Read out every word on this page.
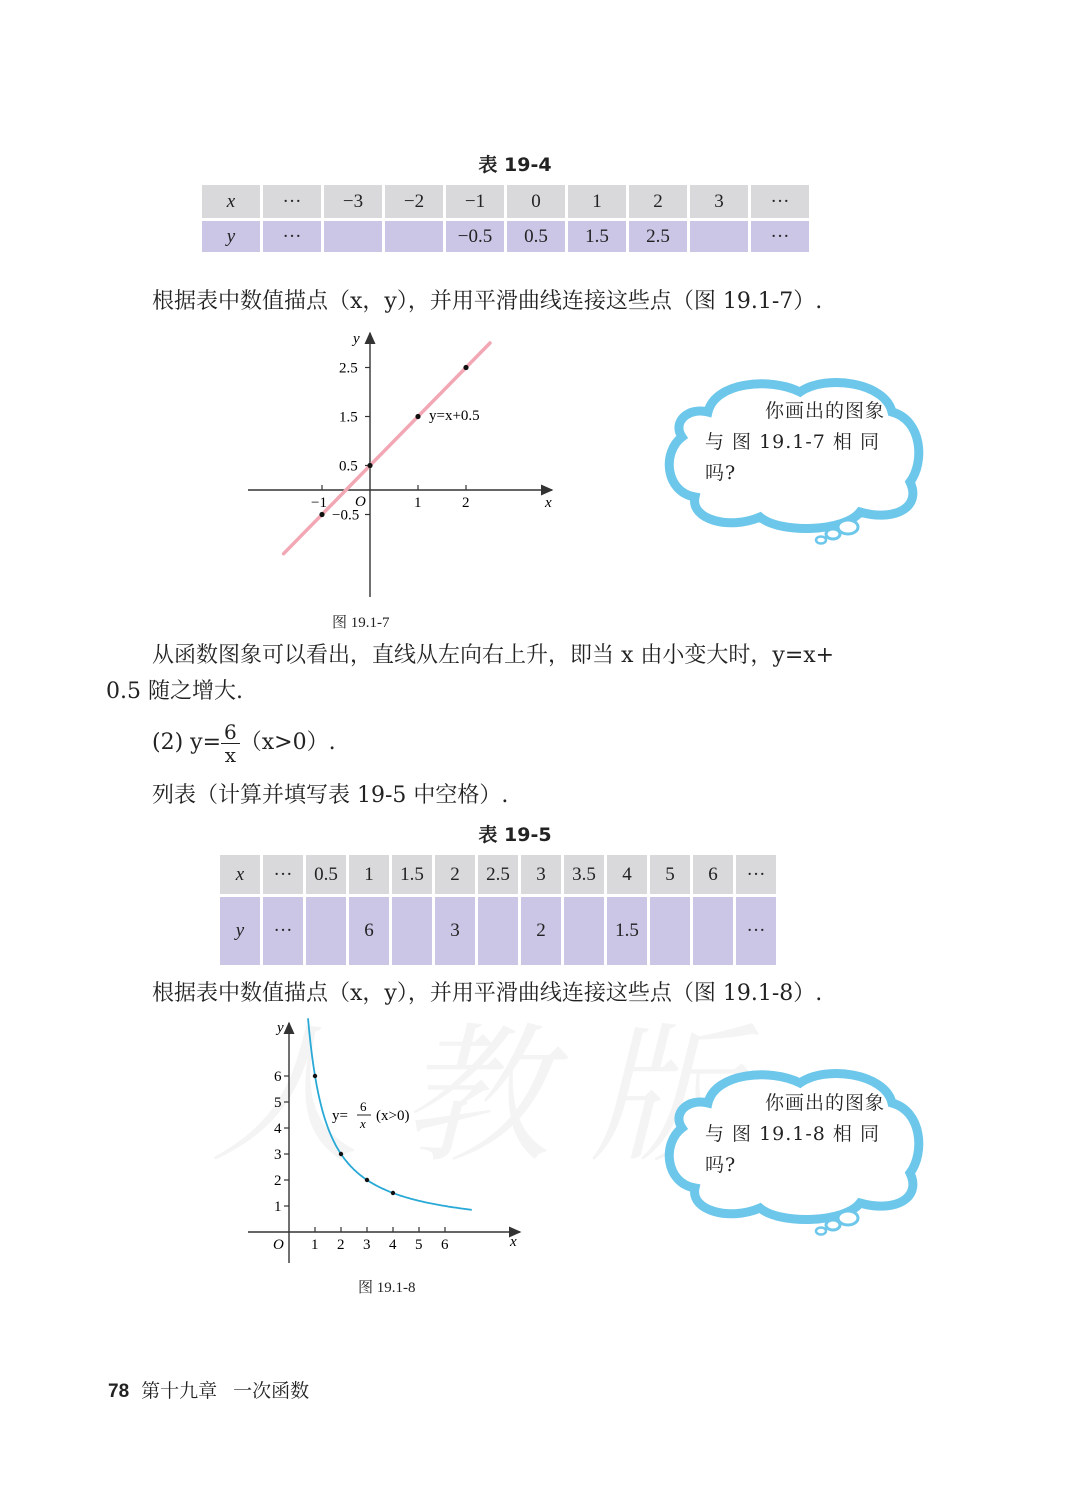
表 19-4
x	···	−3	−2	−1	0	1	2	3	···
y	···			−0.5	0.5	1.5	2.5		···
根据表中数值描点（x，y），并用平滑曲线连接这些点（图 19.1-7）.
−1	1	2
2.5
1.5
0.5
−0.5
x
y
O
y=x+0.5
图 19.1-7
你画出的图象
与 图 19.1-7 相 同
吗?
从函数图象可以看出，直线从左向右上升，即当 x 由小变大时，y=x+
0.5 随之增大.
(2) $y= \frac{6}{x} (x>0)$.
列表（计算并填写表 19-5 中空格）.
表 19-5
x	···	0.5	1	1.5	2	2.5	3	3.5	4	5	6	···
y	···		6		3		2		1.5			···
根据表中数值描点（x，y），并用平滑曲线连接这些点（图 19.1-8）.
1 2 3 4 5 6
1
2
3
4
5
6
x
y
O
y=
6
x (x>0)
图 19.1-8
你画出的图象
与 图 19.1-8 相 同
吗?
78 第十九章 一次函数
